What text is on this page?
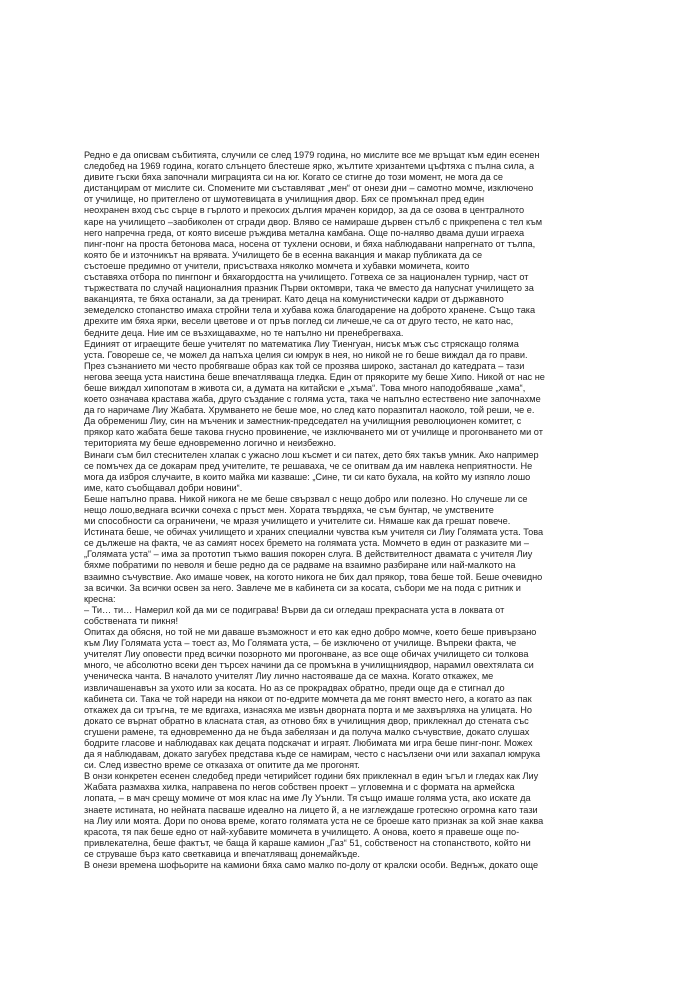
Редно е да опиcвам събитията, случили се след 1979 година, но мислите все ме връщат към един есенен
следобед на 1969 година, когато слънцето блестеше ярко, жълтите хризантеми цъфтяха с пълна сила, а
дивите гъски бяха започнали миграцията си на юг. Когато се стигне до този момент, не мога да се
дистанцирам от мислите си. Спомените ми съставляват „мен“ от онези дни – самотно момче, изключено
от училище, но притеглено от шумотевицата в училищния двор. Бях се промъкнал пред един
неохранен вход със сърце в гърлото и прекосих дългия мрачен коридор, за да се озова в централното
каре на училището –заобиколен от сгради двор. Вляво се намираше дървен стълб с прикрепена с тел към
него напречна греда, от която висеше ръждива метална камбана. Още по-наляво двама души играеха
пинг-понг на проста бетонова маса, носена от тухлени основи, и бяха наблюдавани напрегнато от тълпа,
която бе и източникът на врявата. Училището бе в есенна ваканция и макар публиката да се
състоеше предимно от учители, присъстваха няколко момчета и хубавки момичета, които
съставяха отбора по пингпонг и бяхагордостта на училището. Готвеха се за национален турнир, част от
тържествата по случай националния празник Първи октомври, така че вместо да напуснат училището за
ваканцията, те бяха останали, за да тренират. Като деца на комунистически кадри от държавното
земеделско стопанство имаха стройни тела и хубава кожа благодарение на доброто хранене. Също така
дрехите им бяха ярки, весели цветове и от пръв поглед си личеше,че са от друго тесто, не като нас,
бедните деца. Ние им се възхищавахме, но те напълно ни пренебрегваха.
Единият от играещите беше учителят по математика Лиу Тиенгуан, нисък мъж със стряскащо голяма
уста. Говореше се, че можел да напъха целия си юмрук в нея, но никой не го беше виждал да го прави.
През съзнанието ми често пробягваше образ как той се прозява широко, застанал до катедрата – тази
негова зееща уста наистина беше впечатляваща гледка. Един от прякорите му беше Хипо. Никой от нас не
беше виждал хипопотам в живота си, а думата на китайски е „хъма“. Това много наподобяваше „хама“,
което означава крастава жаба, друго създание с голяма уста, така че напълно естествено ние започнахме
да го наричаме Лиу Жабата. Хрумването не беше мое, но след като поразпитал наоколо, той реши, че е.
Да обремениш Лиу, син на мъченик и заместник-председател на училищния революционен комитет, с
прякор като жабата беше такова гнусно провинение, че изключването ми от училище и прогонването ми от
територията му беше едновременно логично и неизбежно.
Винаги съм бил стеснителен хлапак с ужасно лош късмет и си патех, дето бях такъв умник. Ако например
се помъчех да се докарам пред учителите, те решаваха, че се опитвам да им навлека неприятности. Не
мога да изброя случаите, в които майка ми казваше: „Сине, ти си като бухала, на който му изпяло лошо
име, като съобщавал добри новини“.
Беше напълно права. Никой никога не ме беше свързвал с нещо добро или полезно. Но случеше ли се
нещо лошо,веднага всички сочеха с пръст мен. Хората твърдяха, че съм бунтар, че умствените
ми способности са ограничени, че мразя училището и учителите си. Нямаше как да грешат повече.
Истината беше, че обичах училището и храних специални чувства към учителя си Лиу Голямата уста. Това
се дължеше на факта, че аз самият носех бремето на голямата уста. Момчето в един от разказите ми –
„Голямата уста“ – има за прототип тъкмо вашия покорен слуга. В действителност двамата с учителя Лиу
бяхме побратими по неволя и беше редно да се радваме на взаимно разбиране или най-малкото на
взаимно съчувствие. Ако имаше човек, на когото никога не бих дал прякор, това беше той. Беше очевидно
за всички. За всички освен за него. Завлече ме в кабинета си за косата, събори ме на пода с ритник и
кресна:
– Ти… ти… Намерил кой да ми се подиграва! Върви да си огледаш прекрасната уста в локвата от
собствената ти пикня!
Опитах да обясня, но той не ми даваше възможност и ето как едно добро момче, което беше привързано
към Лиу Голямата уста – тоест аз, Мо Голямата уста, – бе изключено от училище. Въпреки факта, че
учителят Лиу оповести пред всички позорното ми прогонване, аз все още обичах училището си толкова
много, че абсолютно всеки ден търсех начини да се промъкна в училищниядвор, нарамил овехтялата си
ученическа чанта. В началото учителят Лиу лично настояваше да се махна. Когато откажех, ме
извличашенавън за ухото или за косата. Но аз се прокрадвах обратно, преди още да е стигнал до
кабинета си. Така че той нареди на някои от по-едрите момчета да ме гонят вместо него, а когато аз пак
откажех да си тръгна, те ме вдигаха, изнасяха ме извън дворната порта и ме захвърляха на улицата. Но
докато се върнат обратно в класната стая, аз отново бях в училищния двор, приклекнал до стената със
сгушени рамене, та едновременно да не бъда забелязан и да получа малко съчувствие, докато слушах
бодрите гласове и наблюдавах как децата подскачат и играят. Любимата ми игра беше пинг-понг. Можех
да я наблюдавам, докато загубех представа къде се намирам, често с насълзени очи или захапал юмрука
си. След известно време се отказаха от опитите да ме прогонят.
В онзи конкретен есенен следобед преди четирийсет години бях приклекнал в един ъгъл и гледах как Лиу
Жабата размахва хилка, направена по негов собствен проект – угловемна и с формата на армейска
лопата, – в мач срещу момиче от моя клас на име Лу Уънли. Тя също имаше голяма уста, ако искате да
знаете истината, но нейната пасваше идеално на лицето й, а не изглеждаше гротескно огромна като тази
на Лиу или моята. Дори по онова време, когато голямата уста не се броеше като признак за кой знае каква
красота, тя пак беше едно от най-хубавите момичета в училището. А онова, което я правеше още по-
привлекателна, беше фактът, че баща й караше камион „Газ“ 51, собственост на стопанството, който ни
се струваше бърз като светкавица и впечатляващ донемайкъде.
В онези времена шофьорите на камиони бяха само малко по-долу от кралски особи. Веднъж, докато още
